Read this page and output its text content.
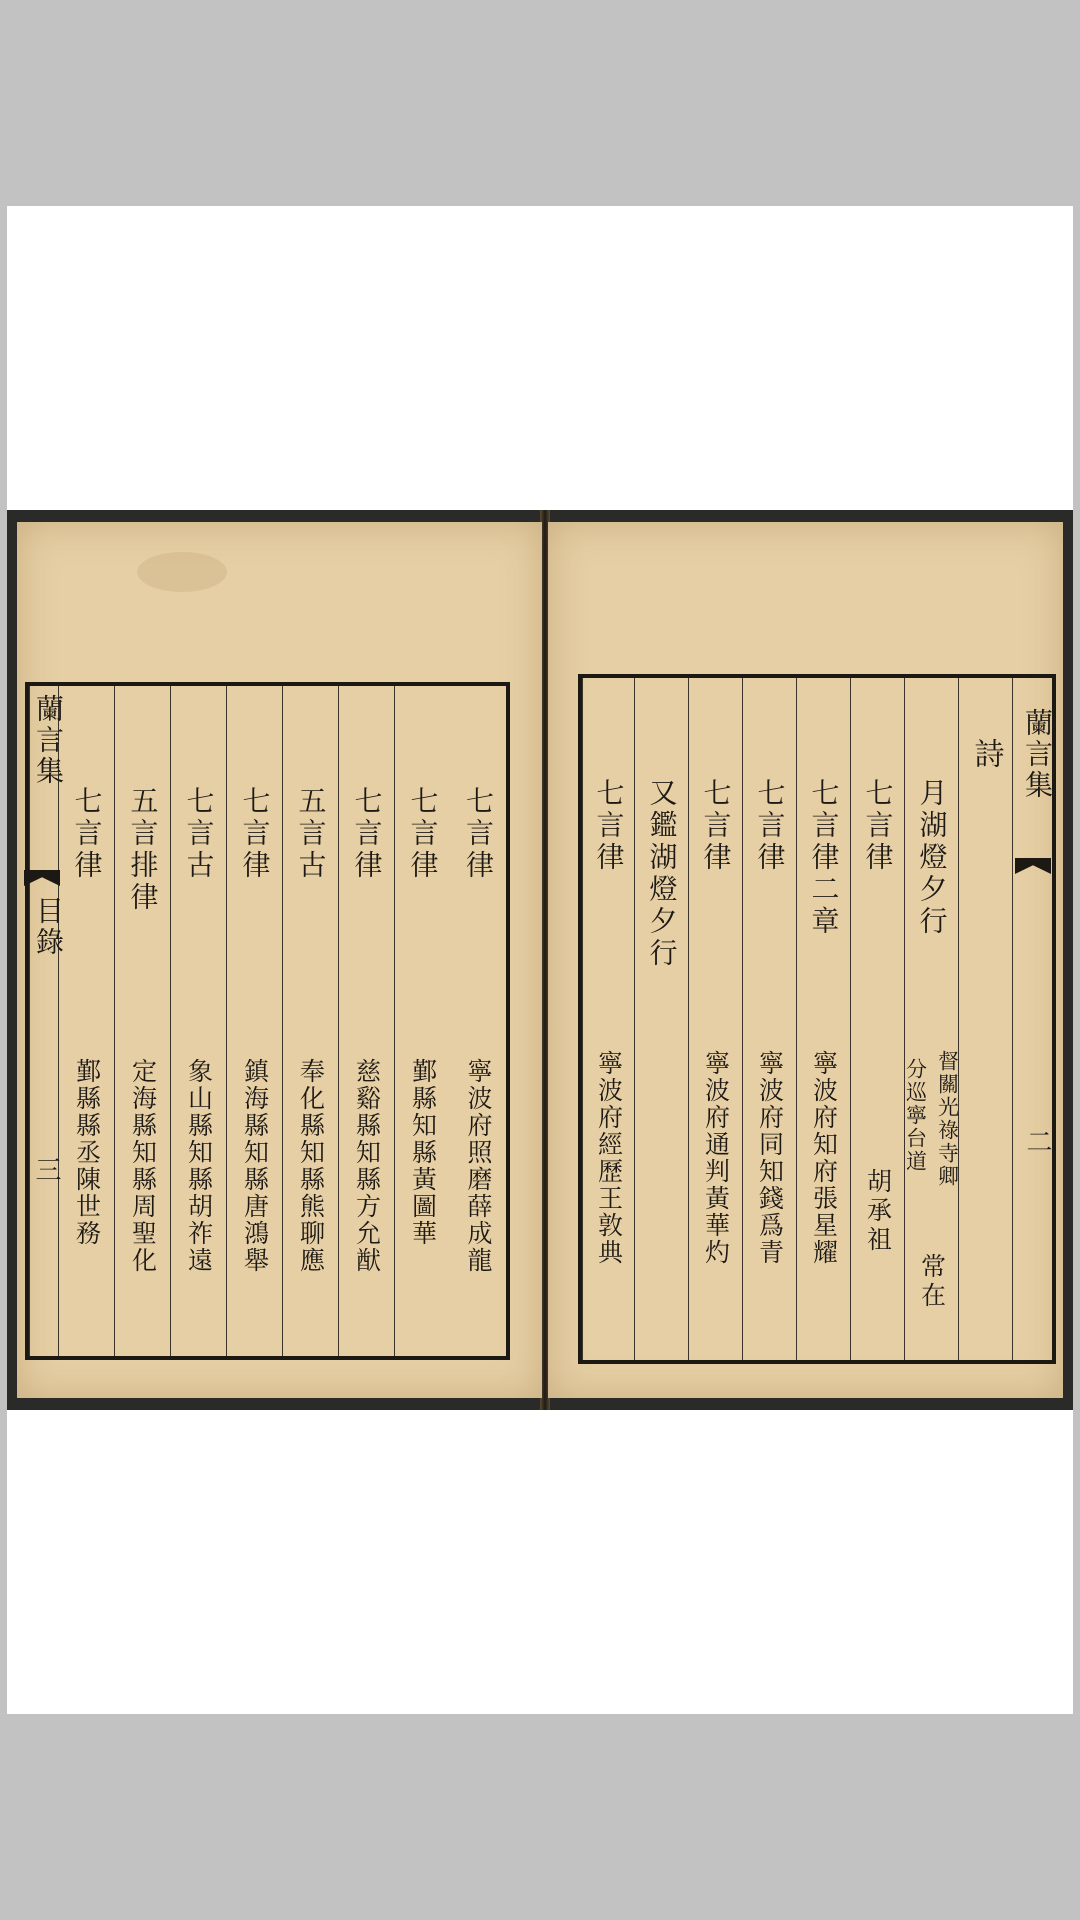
七言律
寧波府照磨薛成龍
七言律
鄞縣知縣黃圖華
七言律
慈谿縣知縣方允猷
五言古
奉化縣知縣熊聊應
七言律
鎮海縣知縣唐鴻舉
七言古
象山縣知縣胡祚遠
五言排律
定海縣知縣周聖化
七言律
鄞縣縣丞陳世務
蘭言集
目錄
三
蘭言集
二
詩
月湖燈夕行
督關光祿寺卿
分巡寧台道
常在
七言律
胡承祖
七言律二章
寧波府知府張星耀
七言律
寧波府同知錢爲青
七言律
寧波府通判黃華灼
又鑑湖燈夕行
七言律
寧波府經歷王敦典
